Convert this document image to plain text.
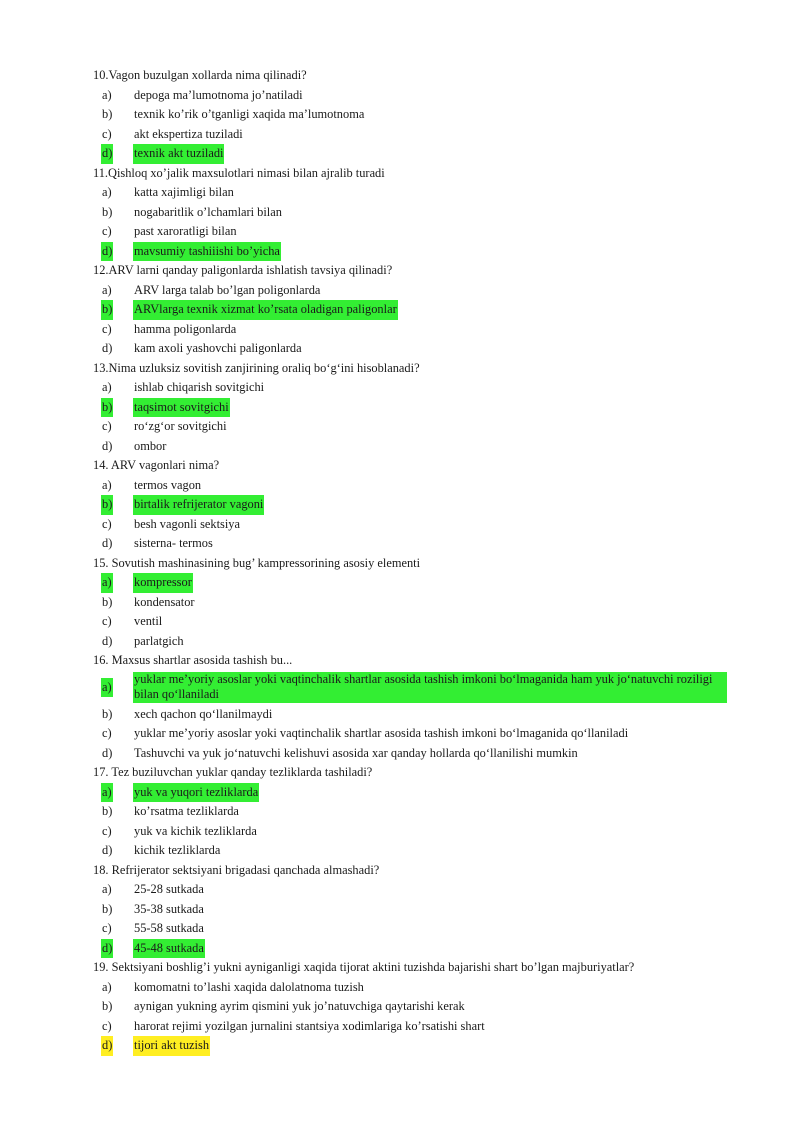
10.Vagon buzulgan xollarda nima qilinadi?
a) depoga ma’lumotnoma jo’natiladi
b) texnik ko’rik o’tganligi xaqida ma’lumotnoma
c) akt ekspertiza tuziladi
d) texnik akt tuziladi
11.Qishloq xo’jalik maxsulotlari nimasi bilan ajralib turadi
a) katta xajimligi bilan
b) nogabaritlik o’lchamlari bilan
c) past xaroratligi bilan
d) mavsumiy tashiiishi bo’yicha
12.ARV larni qanday paligonlarda ishlatish tavsiya qilinadi?
a) ARV larga talab bo’lgan poligonlarda
b) ARVlarga texnik xizmat ko’rsata oladigan paligonlar
c) hamma poligonlarda
d) kam axoli yashovchi paligonlarda
13.Nima uzluksiz sovitish zanjirining oraliq bo‘g‘ini hisoblanadi?
a) ishlab chiqarish sovitgichi
b) taqsimot sovitgichi
c) ro‘zg‘or sovitgichi
d) ombor
14. ARV vagonlari nima?
a) termos vagon
b) birtalik refrijerator vagoni
c) besh vagonli sektsiya
d) sisterna- termos
15. Sovutish mashinasining bug’ kampressorining asosiy elementi
a) kompressor
b) kondensator
c) ventil
d) parlatgich
16. Maxsus shartlar asosida tashish bu...
a)
yuklar me’yoriy asoslar yoki vaqtinchalik shartlar asosida tashish imkoni bo‘lmaganida ham yuk jo‘natuvchi roziligi bilan qo‘llaniladi
b) xech qachon qo‘llanilmaydi
c) yuklar me’yoriy asoslar yoki vaqtinchalik shartlar asosida tashish imkoni bo‘lmaganida qo‘llaniladi
d) Tashuvchi va yuk jo‘natuvchi kelishuvi asosida xar qanday hollarda qo‘llanilishi mumkin
17. Tez buziluvchan yuklar qanday tezliklarda tashiladi?
a) yuk va yuqori tezliklarda
b) ko’rsatma tezliklarda
c) yuk va kichik tezliklarda
d) kichik tezliklarda
18. Refrijerator sektsiyani brigadasi qanchada almashadi?
a) 25-28 sutkada
b) 35-38 sutkada
c) 55-58 sutkada
d) 45-48 sutkada
19. Sektsiyani boshlig’i yukni ayniganligi xaqida tijorat aktini tuzishda bajarishi shart bo’lgan majburiyatlar?
a) komomatni to’lashi xaqida dalolatnoma tuzish
b) aynigan yukning ayrim qismini yuk jo’natuvchiga qaytarishi kerak
c) harorat rejimi yozilgan jurnalini stantsiya xodimlariga ko’rsatishi shart
d) tijori akt tuzish
